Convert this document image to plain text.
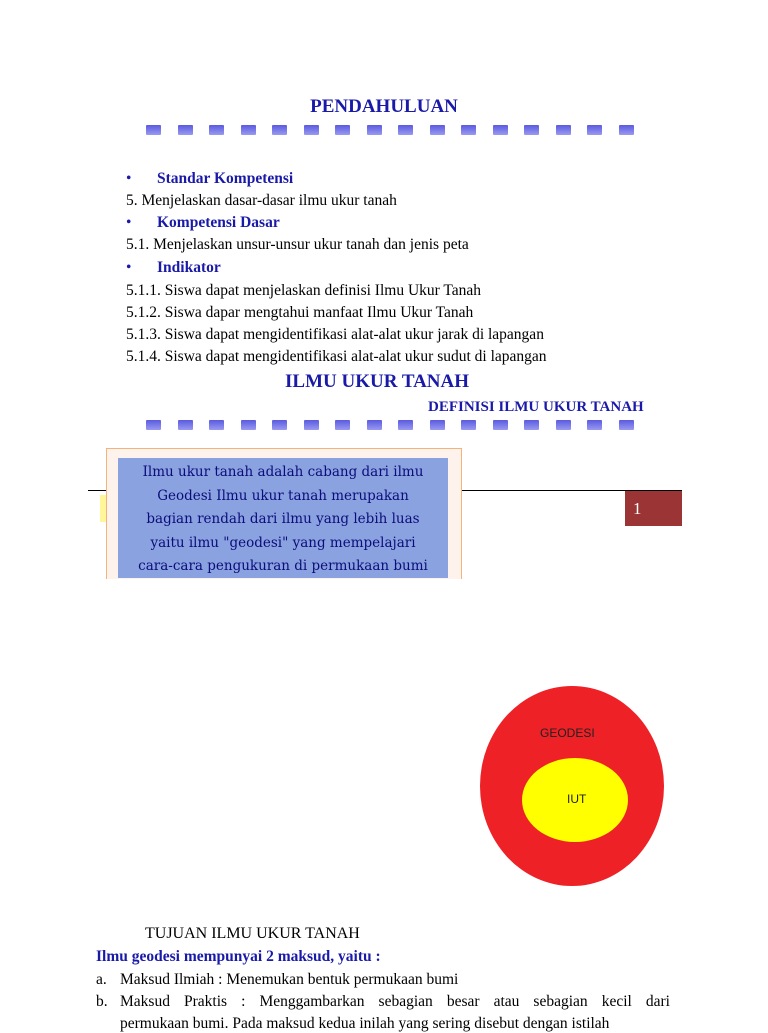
PENDAHULUAN
• Standar Kompetensi
5. Menjelaskan dasar-dasar ilmu ukur tanah
• Kompetensi Dasar
5.1. Menjelaskan unsur-unsur ukur tanah dan jenis peta
• Indikator
5.1.1. Siswa dapat menjelaskan definisi Ilmu Ukur Tanah
5.1.2. Siswa dapar mengtahui manfaat Ilmu Ukur Tanah
5.1.3. Siswa dapat mengidentifikasi alat-alat ukur jarak di lapangan
5.1.4. Siswa dapat mengidentifikasi alat-alat ukur sudut di lapangan
ILMU UKUR TANAH
DEFINISI ILMU UKUR TANAH
1
Ilmu ukur tanah adalah cabang dari ilmu
Geodesi Ilmu ukur tanah merupakan
bagian rendah dari ilmu yang lebih luas
yaitu ilmu "geodesi" yang mempelajari
cara-cara pengukuran di permukaan bumi
GEODESI
IUT
TUJUAN ILMU UKUR TANAH
Ilmu geodesi mempunyai 2 maksud, yaitu :
a. Maksud Ilmiah : Menemukan bentuk permukaan bumi
b. Maksud Praktis : Menggambarkan sebagian besar atau sebagian kecil dari
permukaan bumi. Pada maksud kedua inilah yang sering disebut dengan istilah
